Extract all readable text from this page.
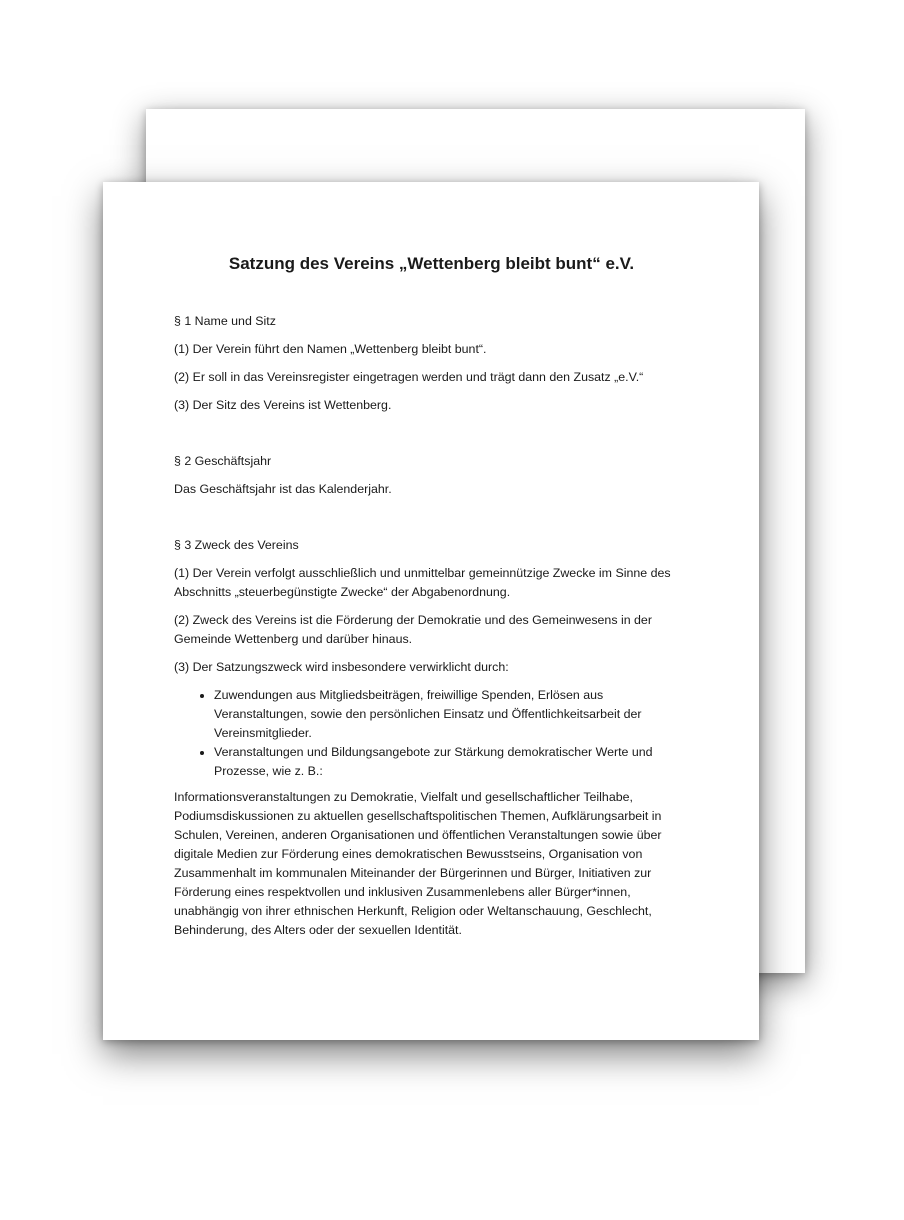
Satzung des Vereins „Wettenberg bleibt bunt“ e.V.
§ 1 Name und Sitz
(1) Der Verein führt den Namen „Wettenberg bleibt bunt“.
(2) Er soll in das Vereinsregister eingetragen werden und trägt dann den Zusatz „e.V.“
(3) Der Sitz des Vereins ist Wettenberg.
§ 2 Geschäftsjahr
Das Geschäftsjahr ist das Kalenderjahr.
§ 3 Zweck des Vereins
(1) Der Verein verfolgt ausschließlich und unmittelbar gemeinnützige Zwecke im Sinne des Abschnitts „steuerbegünstigte Zwecke“ der Abgabenordnung.
(2) Zweck des Vereins ist die Förderung der Demokratie und des Gemeinwesens in der Gemeinde Wettenberg und darüber hinaus.
(3) Der Satzungszweck wird insbesondere verwirklicht durch:
• Zuwendungen aus Mitgliedsbeiträgen, freiwillige Spenden, Erlösen aus Veranstaltungen, sowie den persönlichen Einsatz und Öffentlichkeitsarbeit der Vereinsmitglieder.
• Veranstaltungen und Bildungsangebote zur Stärkung demokratischer Werte und Prozesse, wie z. B.:
Informationsveranstaltungen zu Demokratie, Vielfalt und gesellschaftlicher Teilhabe, Podiumsdiskussionen zu aktuellen gesellschaftspolitischen Themen, Aufklärungsarbeit in Schulen, Vereinen, anderen Organisationen und öffentlichen Veranstaltungen sowie über digitale Medien zur Förderung eines demokratischen Bewusstseins, Organisation von Zusammenhalt im kommunalen Miteinander der Bürgerinnen und Bürger, Initiativen zur Förderung eines respektvollen und inklusiven Zusammenlebens aller Bürger*innen, unabhängig von ihrer ethnischen Herkunft, Religion oder Weltanschauung, Geschlecht, Behinderung, des Alters oder der sexuellen Identität.
